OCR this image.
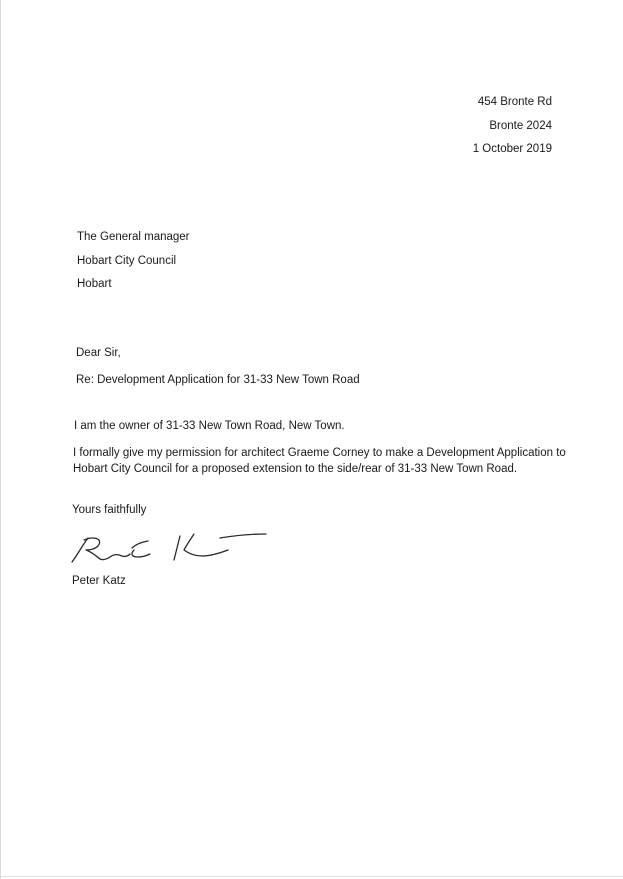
454 Bronte Rd
Bronte 2024
1 October 2019
The General manager
Hobart City Council
Hobart
Dear Sir,
Re: Development Application for 31-33 New Town Road
I am the owner of 31-33 New Town Road, New Town.
I formally give my permission for architect Graeme Corney to make a Development Application to
Hobart City Council for a proposed extension to the side/rear of 31-33 New Town Road.
Yours faithfully
Peter Katz
